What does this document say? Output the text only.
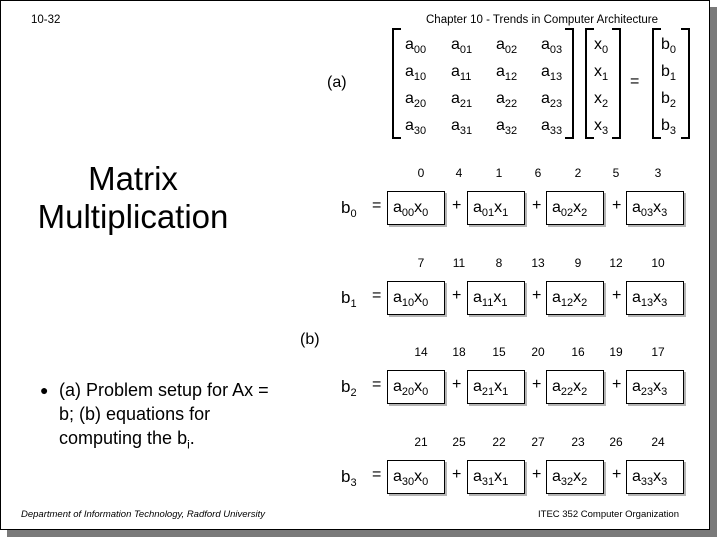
10-32	Chapter 10 - Trends in Computer Architecture
Matrix
Multiplication
● (a) Problem setup for Ax = b; (b) equations for computing the $b_i$.
Department of Information Technology, Radford University	ITEC 352 Computer Organization
(a)
$a_{00}$	$a_{01}$	$a_{02}$	$a_{03}$
$a_{10}$	$a_{11}$	$a_{12}$	$a_{13}$
$a_{20}$	$a_{21}$	$a_{22}$	$a_{23}$
$a_{30}$	$a_{31}$	$a_{32}$	$a_{33}$
$x_0$
$x_1$
$x_2$
$x_3$
$b_0$
$b_1$
$b_2$
$b_3$
=
(b)
0	4	1	6	2	5	3
$b_0 = a_{00}x_0$	$a_{01}x_1$	$a_{02}x_2$	$a_{03}x_3$
+	+	+
7	11	8	13	9	12	10
$b_1 = a_{10}x_0$	$a_{11}x_1$	$a_{12}x_2$	$a_{13}x_3$
+	+	+
14	18	15	20	16	19	17
$b_2 = a_{20}x_0$	$a_{21}x_1$	$a_{22}x_2$	$a_{23}x_3$
+	+	+
21	25	22	27	23	26	24
$b_3 = a_{30}x_0$	$a_{31}x_1$	$a_{32}x_2$	$a_{33}x_3$
+	+	+
